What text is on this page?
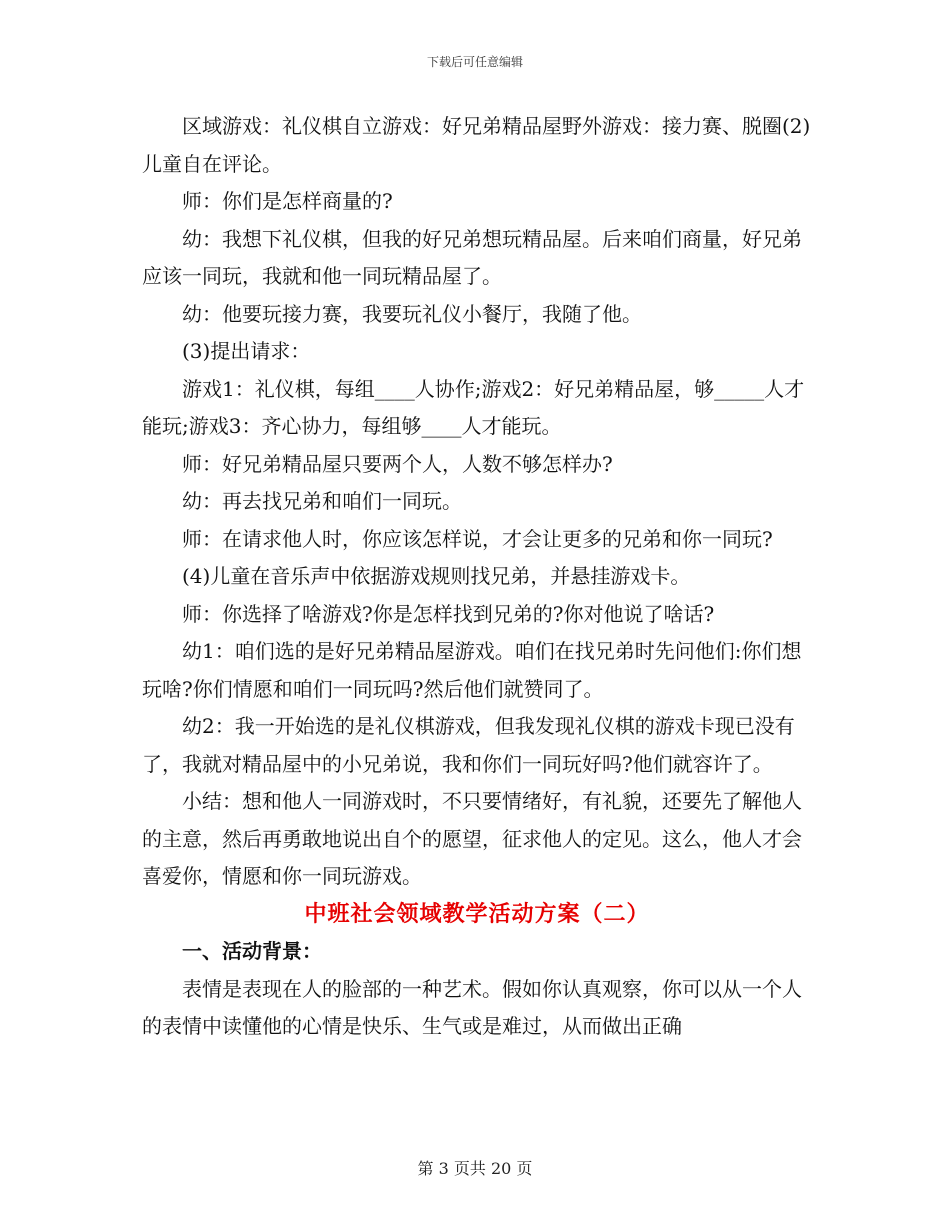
下载后可任意编辑

区域游戏：礼仪棋自立游戏：好兄弟精品屋野外游戏：接力赛、脱圈(2)儿童自在评论。

师：你们是怎样商量的?

幼：我想下礼仪棋，但我的好兄弟想玩精品屋。后来咱们商量，好兄弟应该一同玩，我就和他一同玩精品屋了。

幼：他要玩接力赛，我要玩礼仪小餐厅，我随了他。

(3)提出请求：

游戏1：礼仪棋，每组____人协作;游戏2：好兄弟精品屋，够_____人才能玩;游戏3：齐心协力，每组够____人才能玩。

师：好兄弟精品屋只要两个人，人数不够怎样办?

幼：再去找兄弟和咱们一同玩。

师：在请求他人时，你应该怎样说，才会让更多的兄弟和你一同玩?

(4)儿童在音乐声中依据游戏规则找兄弟，并悬挂游戏卡。

师：你选择了啥游戏?你是怎样找到兄弟的?你对他说了啥话?

幼1：咱们选的是好兄弟精品屋游戏。咱们在找兄弟时先问他们:你们想玩啥?你们情愿和咱们一同玩吗?然后他们就赞同了。

幼2：我一开始选的是礼仪棋游戏，但我发现礼仪棋的游戏卡现已没有了，我就对精品屋中的小兄弟说，我和你们一同玩好吗?他们就容许了。

小结：想和他人一同游戏时，不只要情绪好，有礼貌，还要先了解他人的主意，然后再勇敢地说出自个的愿望，征求他人的定见。这么，他人才会喜爱你，情愿和你一同玩游戏。

中班社会领域教学活动方案（二）

一、活动背景：

表情是表现在人的脸部的一种艺术。假如你认真观察，你可以从一个人的表情中读懂他的心情是快乐、生气或是难过，从而做出正确

第 3 页共 20 页
